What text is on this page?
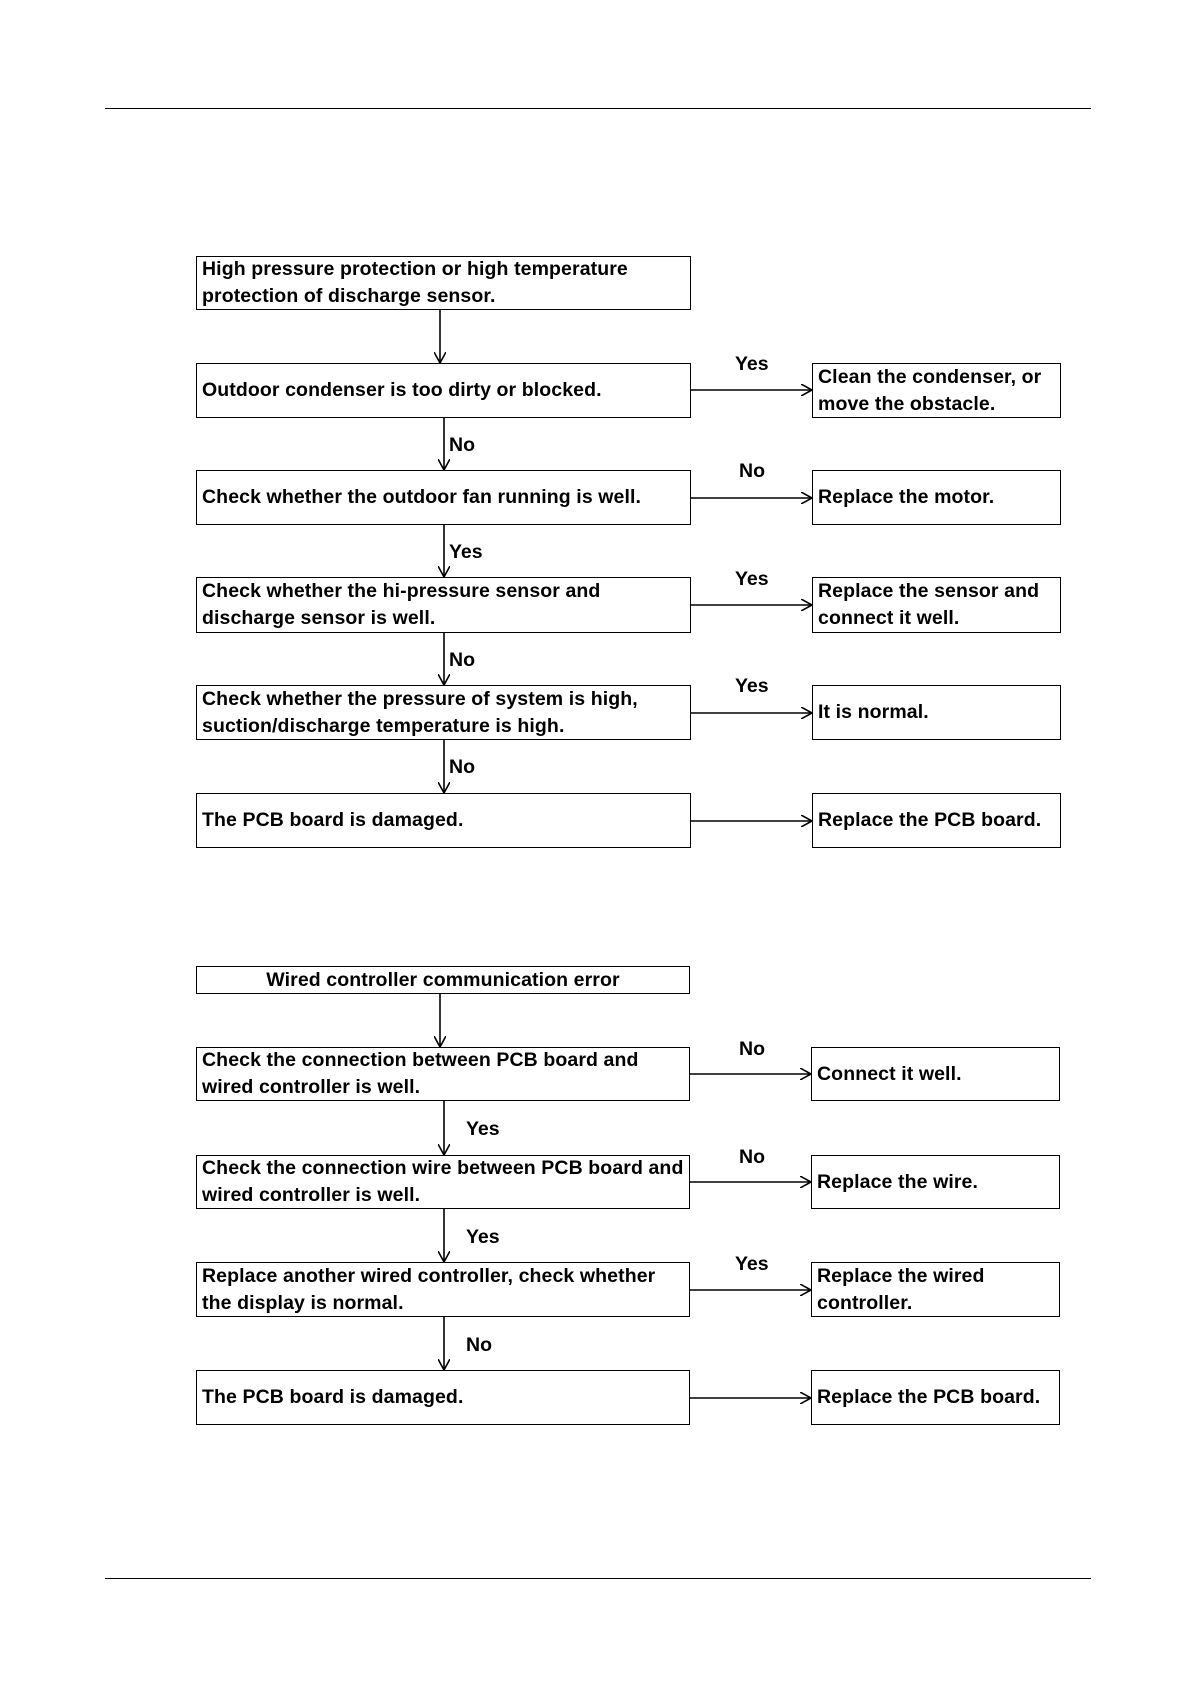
High pressure protection or high temperature protection of discharge sensor.
Outdoor condenser is too dirty or blocked.
Check whether the outdoor fan running is well.
Check whether the hi-pressure sensor and discharge sensor is well.
Check whether the pressure of system is high, suction/discharge temperature is high.
The PCB board is damaged.
Clean the condenser, or move the obstacle.
Replace the motor.
Replace the sensor and connect it well.
It is normal.
Replace the PCB board.
Yes
No
Yes
Yes
No
Yes
No
No
Wired controller communication error
Check the connection between PCB board and wired controller is well.
Check the connection wire between PCB board and wired controller is well.
Replace another wired controller, check whether the display is normal.
The PCB board is damaged.
Connect it well.
Replace the wire.
Replace the wired controller.
Replace the PCB board.
No
No
Yes
Yes
Yes
No
